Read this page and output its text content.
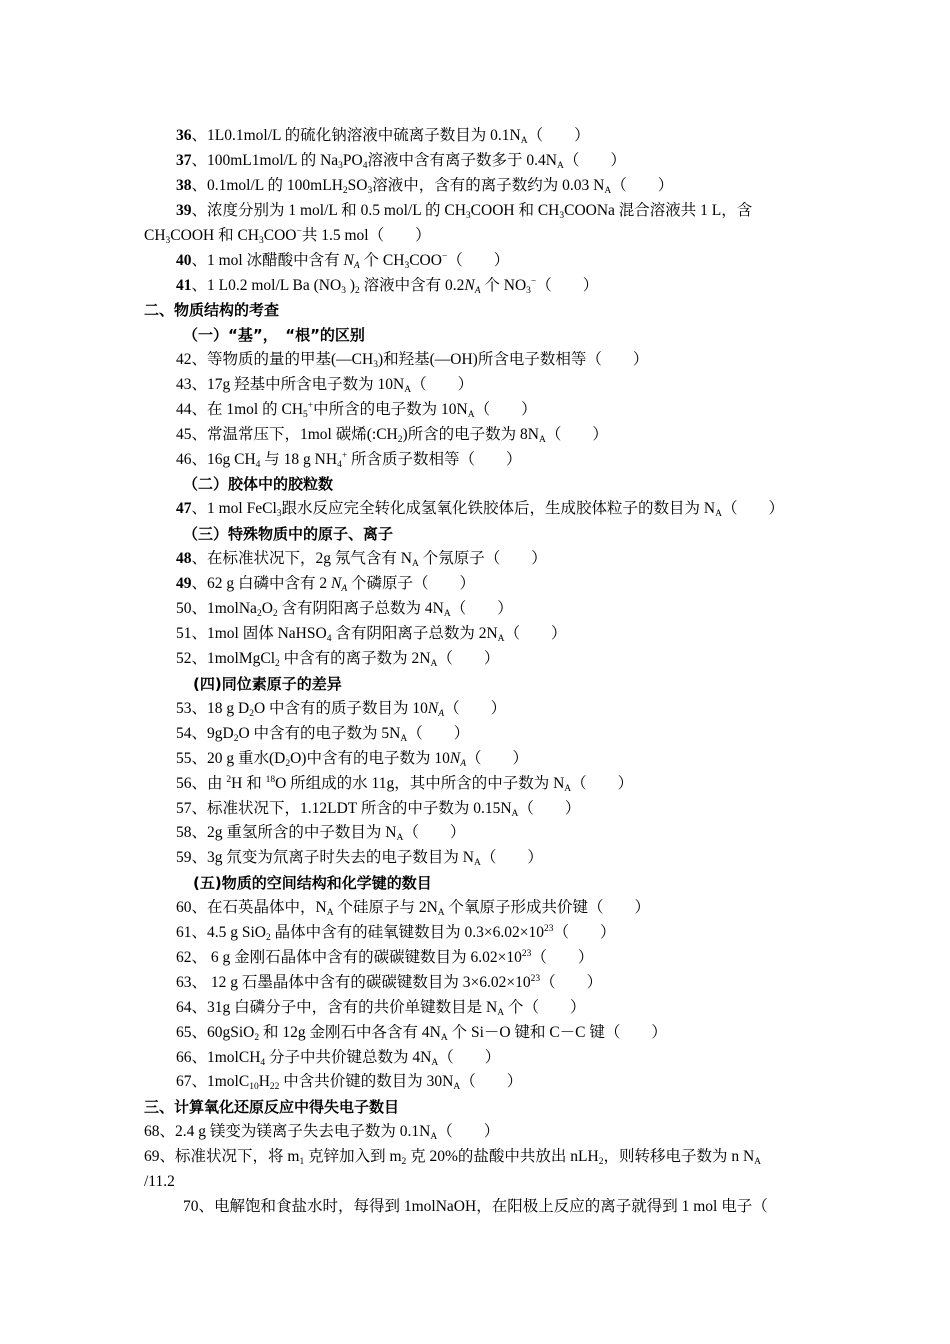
36、1L0.1mol/L 的硫化钠溶液中硫离子数目为 $0.1N_A$（　　）
37、100mL1mol/L 的 $Na_3PO_4$溶液中含有离子数多于 $0.4N_A$（　　）
38、0.1mol/L 的 $100mLH_2SO_3$溶液中，含有的离子数约为 0.03 $N_A$（　　）
39、浓度分别为 1 mol/L 和 0.5 mol/L 的 $CH_3COOH$ 和 $CH_3COONa$ 混合溶液共 1 L，含
$CH_3COOH$ 和 $CH_3COO^-$共 1.5 mol（　　）
40、1 mol 冰醋酸中含有 $N_A$ 个 $CH_3COO^-$（　　）
41、1 L0.2 mol/L Ba ($NO_3$ )$_2$ 溶液中含有 $0.2N_A$ 个 $NO_3^-$（　　）
二、物质结构的考查
（一）“基”，　“根”的区别
42、等物质的量的甲基$(—CH_3)$和羟基(—OH)所含电子数相等（　　）
43、17g 羟基中所含电子数为 $10N_A$（　　）
44、在 1mol 的 $CH_5^+$中所含的电子数为 $10N_A$（　　）
45、常温常压下，1mol 碳烯$(:CH_2)$所含的电子数为 $8N_A$（　　）
46、16g $CH_4$ 与 18 g $NH_4^+$ 所含质子数相等（　　）
（二）胶体中的胶粒数
47、1 mol FeCl$_3$跟水反应完全转化成氢氧化铁胶体后，生成胶体粒子的数目为 $N_A$（　　）
（三）特殊物质中的原子、离子
48、在标准状况下，2g 氖气含有 $N_A$ 个氖原子（　　）
49、62 g 白磷中含有 2 $N_A$ 个磷原子（　　）
50、$1molNa_2O_2$ 含有阴阳离子总数为 $4N_A$（　　）
51、1mol 固体 NaHSO$_4$ 含有阴阳离子总数为 $2N_A$（　　）
52、1molMgCl$_2$ 中含有的离子数为 $2N_A$（　　）
(四)同位素原子的差异
53、18 g $D_2O$ 中含有的质子数目为 $10N_A$（　　）
54、$9gD_2O$ 中含有的电子数为 $5N_A$（　　）
55、20 g 重水$(D_2O)$中含有的电子数为 $10N_A$（　　）
56、由 $^2$H 和 $^{18}$O 所组成的水 11g，其中所含的中子数为 $N_A$（　　）
57、标准状况下，1.12LDT 所含的中子数为 $0.15N_A$（　　）
58、2g 重氢所含的中子数目为 $N_A$（　　）
59、3g 氘变为氘离子时失去的电子数目为 $N_A$（　　）
(五)物质的空间结构和化学键的数目
60、在石英晶体中，$N_A$ 个硅原子与 $2N_A$ 个氧原子形成共价键（　　）
61、4.5 g SiO$_2$ 晶体中含有的硅氧键数目为 $0.3\times 6.02\times 10^{23}$（　　）
62、 6 g 金刚石晶体中含有的碳碳键数目为 $6.02\times 10^{23}$（　　）
63、 12 g 石墨晶体中含有的碳碳键数目为 $3\times 6.02\times 10^{23}$（　　）
64、31g 白磷分子中，含有的共价单键数目是 $N_A$ 个（　　）
65、60gSiO$_2$ 和 12g 金刚石中各含有 $4N_A$ 个 Si－O 键和 C－C 键（　　）
66、1molCH$_4$ 分子中共价键总数为 $4N_A$（　　）
67、$1molC_{10}H_{22}$ 中含共价键的数目为 $30N_A$（　　）
三、计算氧化还原反应中得失电子数目
68、2.4 g 镁变为镁离子失去电子数为 $0.1N_A$（　　）
69、标准状况下，将 $m_1$ 克锌加入到 $m_2$ 克 20%的盐酸中共放出 nLH$_2$，则转移电子数为 n $N_A$
/11.2
70、电解饱和食盐水时，每得到 1molNaOH，在阳极上反应的离子就得到 1 mol 电子（
